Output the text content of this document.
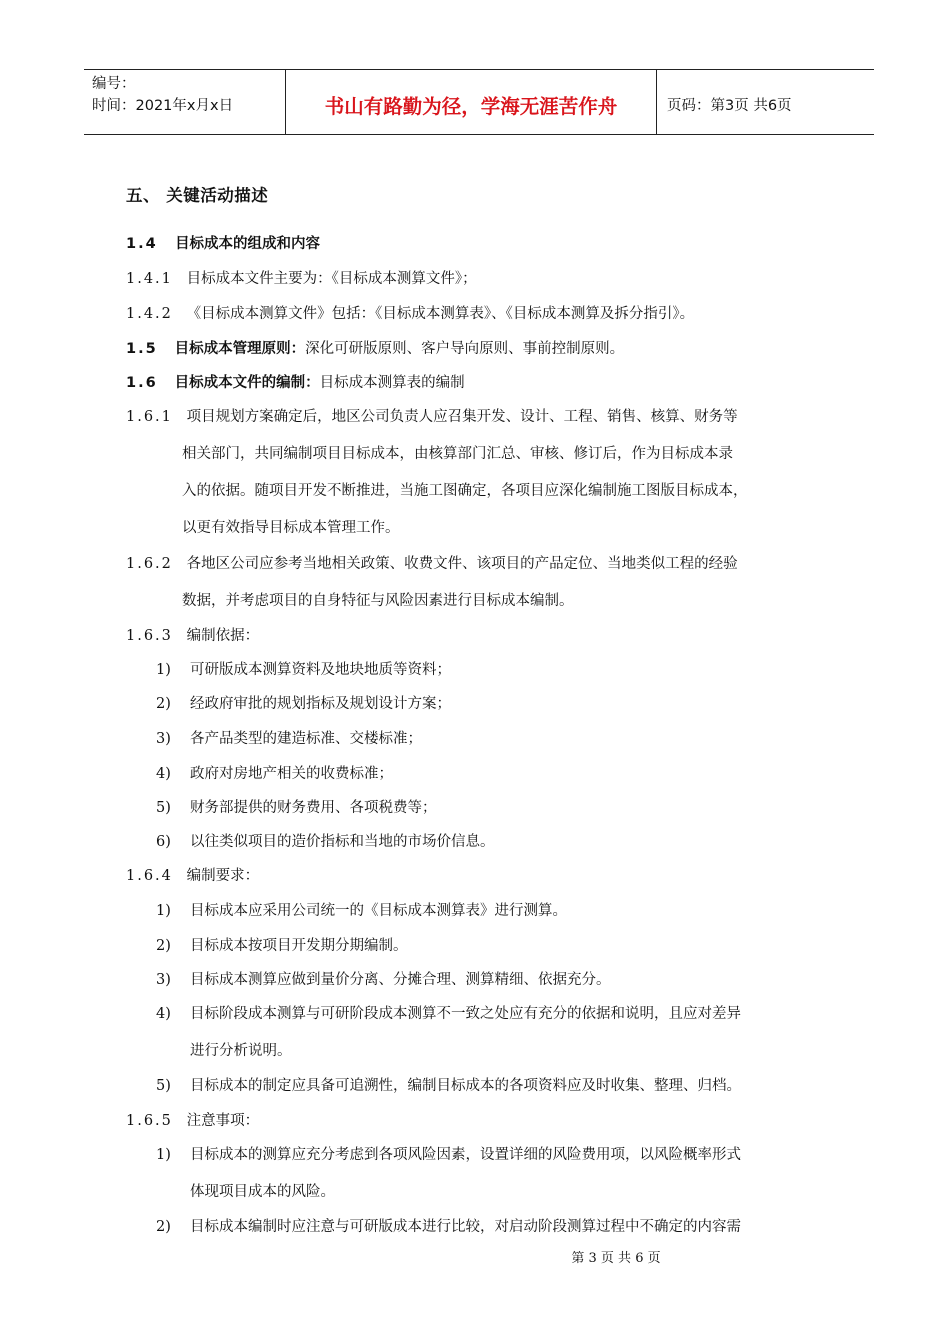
编号：
时间：2021年x月x日	书山有路勤为径，学海无涯苦作舟	页码：第3页 共6页
五、 关键活动描述
1.4 目标成本的组成和内容
1.4.1 目标成本文件主要为：《目标成本测算文件》；
1.4.2 《目标成本测算文件》包括：《目标成本测算表》、《目标成本测算及拆分指引》。
1.5 目标成本管理原则：深化可研版原则、客户导向原则、事前控制原则。
1.6 目标成本文件的编制：目标成本测算表的编制
1.6.1 项目规划方案确定后，地区公司负责人应召集开发、设计、工程、销售、核算、财务等
相关部门，共同编制项目目标成本，由核算部门汇总、审核、修订后，作为目标成本录
入的依据。随项目开发不断推进，当施工图确定，各项目应深化编制施工图版目标成本，
以更有效指导目标成本管理工作。
1.6.2 各地区公司应参考当地相关政策、收费文件、该项目的产品定位、当地类似工程的经验
数据，并考虑项目的自身特征与风险因素进行目标成本编制。
1.6.3 编制依据：
1) 可研版成本测算资料及地块地质等资料；
2) 经政府审批的规划指标及规划设计方案；
3) 各产品类型的建造标准、交楼标准；
4) 政府对房地产相关的收费标准；
5) 财务部提供的财务费用、各项税费等；
6) 以往类似项目的造价指标和当地的市场价信息。
1.6.4 编制要求：
1) 目标成本应采用公司统一的《目标成本测算表》进行测算。
2) 目标成本按项目开发期分期编制。
3) 目标成本测算应做到量价分离、分摊合理、测算精细、依据充分。
4) 目标阶段成本测算与可研阶段成本测算不一致之处应有充分的依据和说明，且应对差异
进行分析说明。
5) 目标成本的制定应具备可追溯性，编制目标成本的各项资料应及时收集、整理、归档。
1.6.5 注意事项：
1) 目标成本的测算应充分考虑到各项风险因素，设置详细的风险费用项，以风险概率形式
体现项目成本的风险。
2) 目标成本编制时应注意与可研版成本进行比较，对启动阶段测算过程中不确定的内容需
第 3 页 共 6 页
